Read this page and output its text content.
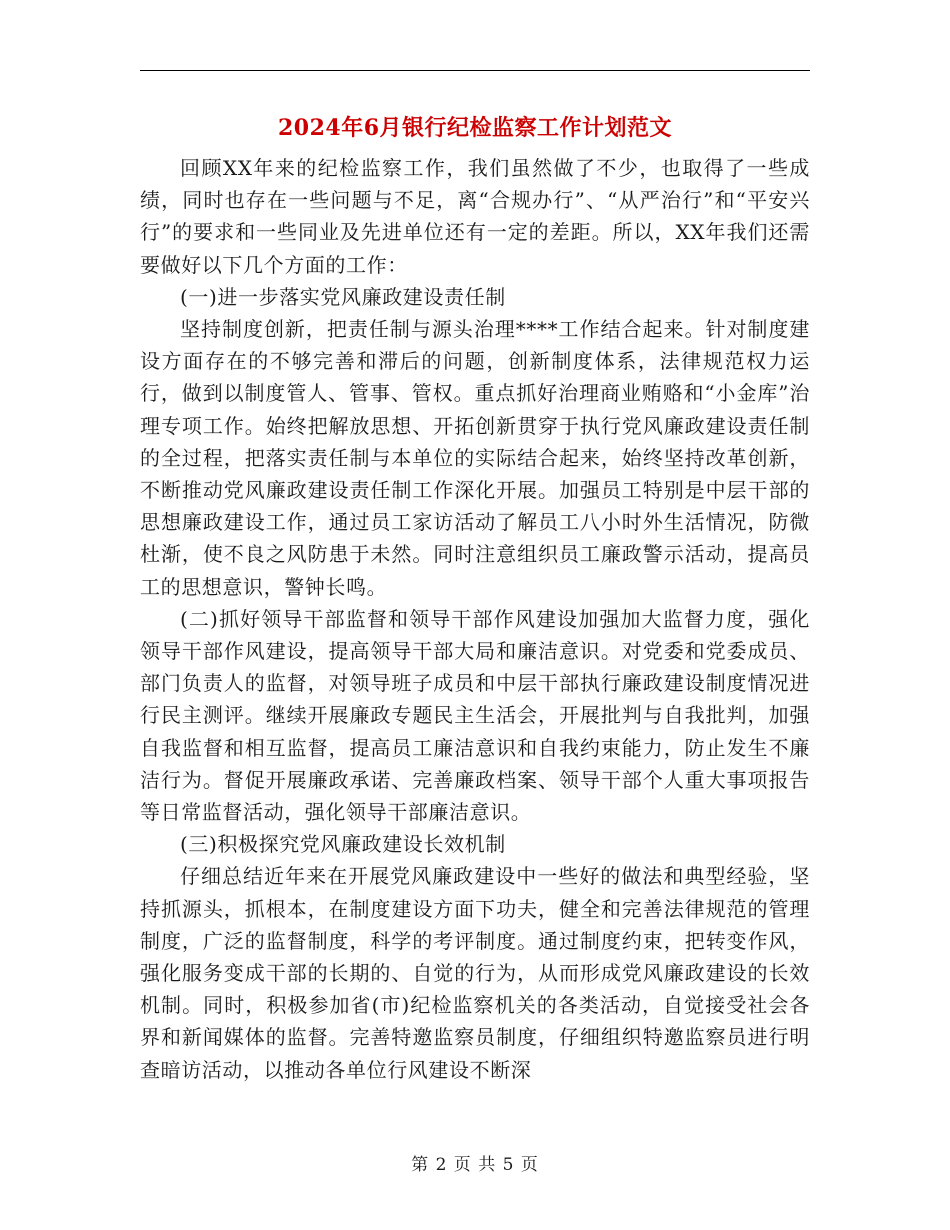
2024年6月银行纪检监察工作计划范文

回顾XX年来的纪检监察工作，我们虽然做了不少，也取得了一些成绩，同时也存在一些问题与不足，离“合规办行”、“从严治行”和“平安兴行”的要求和一些同业及先进单位还有一定的差距。所以，XX年我们还需要做好以下几个方面的工作：

(一)进一步落实党风廉政建设责任制

坚持制度创新，把责任制与源头治理****工作结合起来。针对制度建设方面存在的不够完善和滞后的问题，创新制度体系，法律规范权力运行，做到以制度管人、管事、管权。重点抓好治理商业贿赂和“小金库”治理专项工作。始终把解放思想、开拓创新贯穿于执行党风廉政建设责任制的全过程，把落实责任制与本单位的实际结合起来，始终坚持改革创新，不断推动党风廉政建设责任制工作深化开展。加强员工特别是中层干部的思想廉政建设工作，通过员工家访活动了解员工八小时外生活情况，防微杜渐，使不良之风防患于未然。同时注意组织员工廉政警示活动，提高员工的思想意识，警钟长鸣。

(二)抓好领导干部监督和领导干部作风建设加强加大监督力度，强化领导干部作风建设，提高领导干部大局和廉洁意识。对党委和党委成员、部门负责人的监督，对领导班子成员和中层干部执行廉政建设制度情况进行民主测评。继续开展廉政专题民主生活会，开展批判与自我批判，加强自我监督和相互监督，提高员工廉洁意识和自我约束能力，防止发生不廉洁行为。督促开展廉政承诺、完善廉政档案、领导干部个人重大事项报告等日常监督活动，强化领导干部廉洁意识。

(三)积极探究党风廉政建设长效机制

仔细总结近年来在开展党风廉政建设中一些好的做法和典型经验，坚持抓源头，抓根本，在制度建设方面下功夫，健全和完善法律规范的管理制度，广泛的监督制度，科学的考评制度。通过制度约束，把转变作风，强化服务变成干部的长期的、自觉的行为，从而形成党风廉政建设的长效机制。同时，积极参加省(市)纪检监察机关的各类活动，自觉接受社会各界和新闻媒体的监督。完善特邀监察员制度，仔细组织特邀监察员进行明查暗访活动，以推动各单位行风建设不断深

第 2 页 共 5 页
